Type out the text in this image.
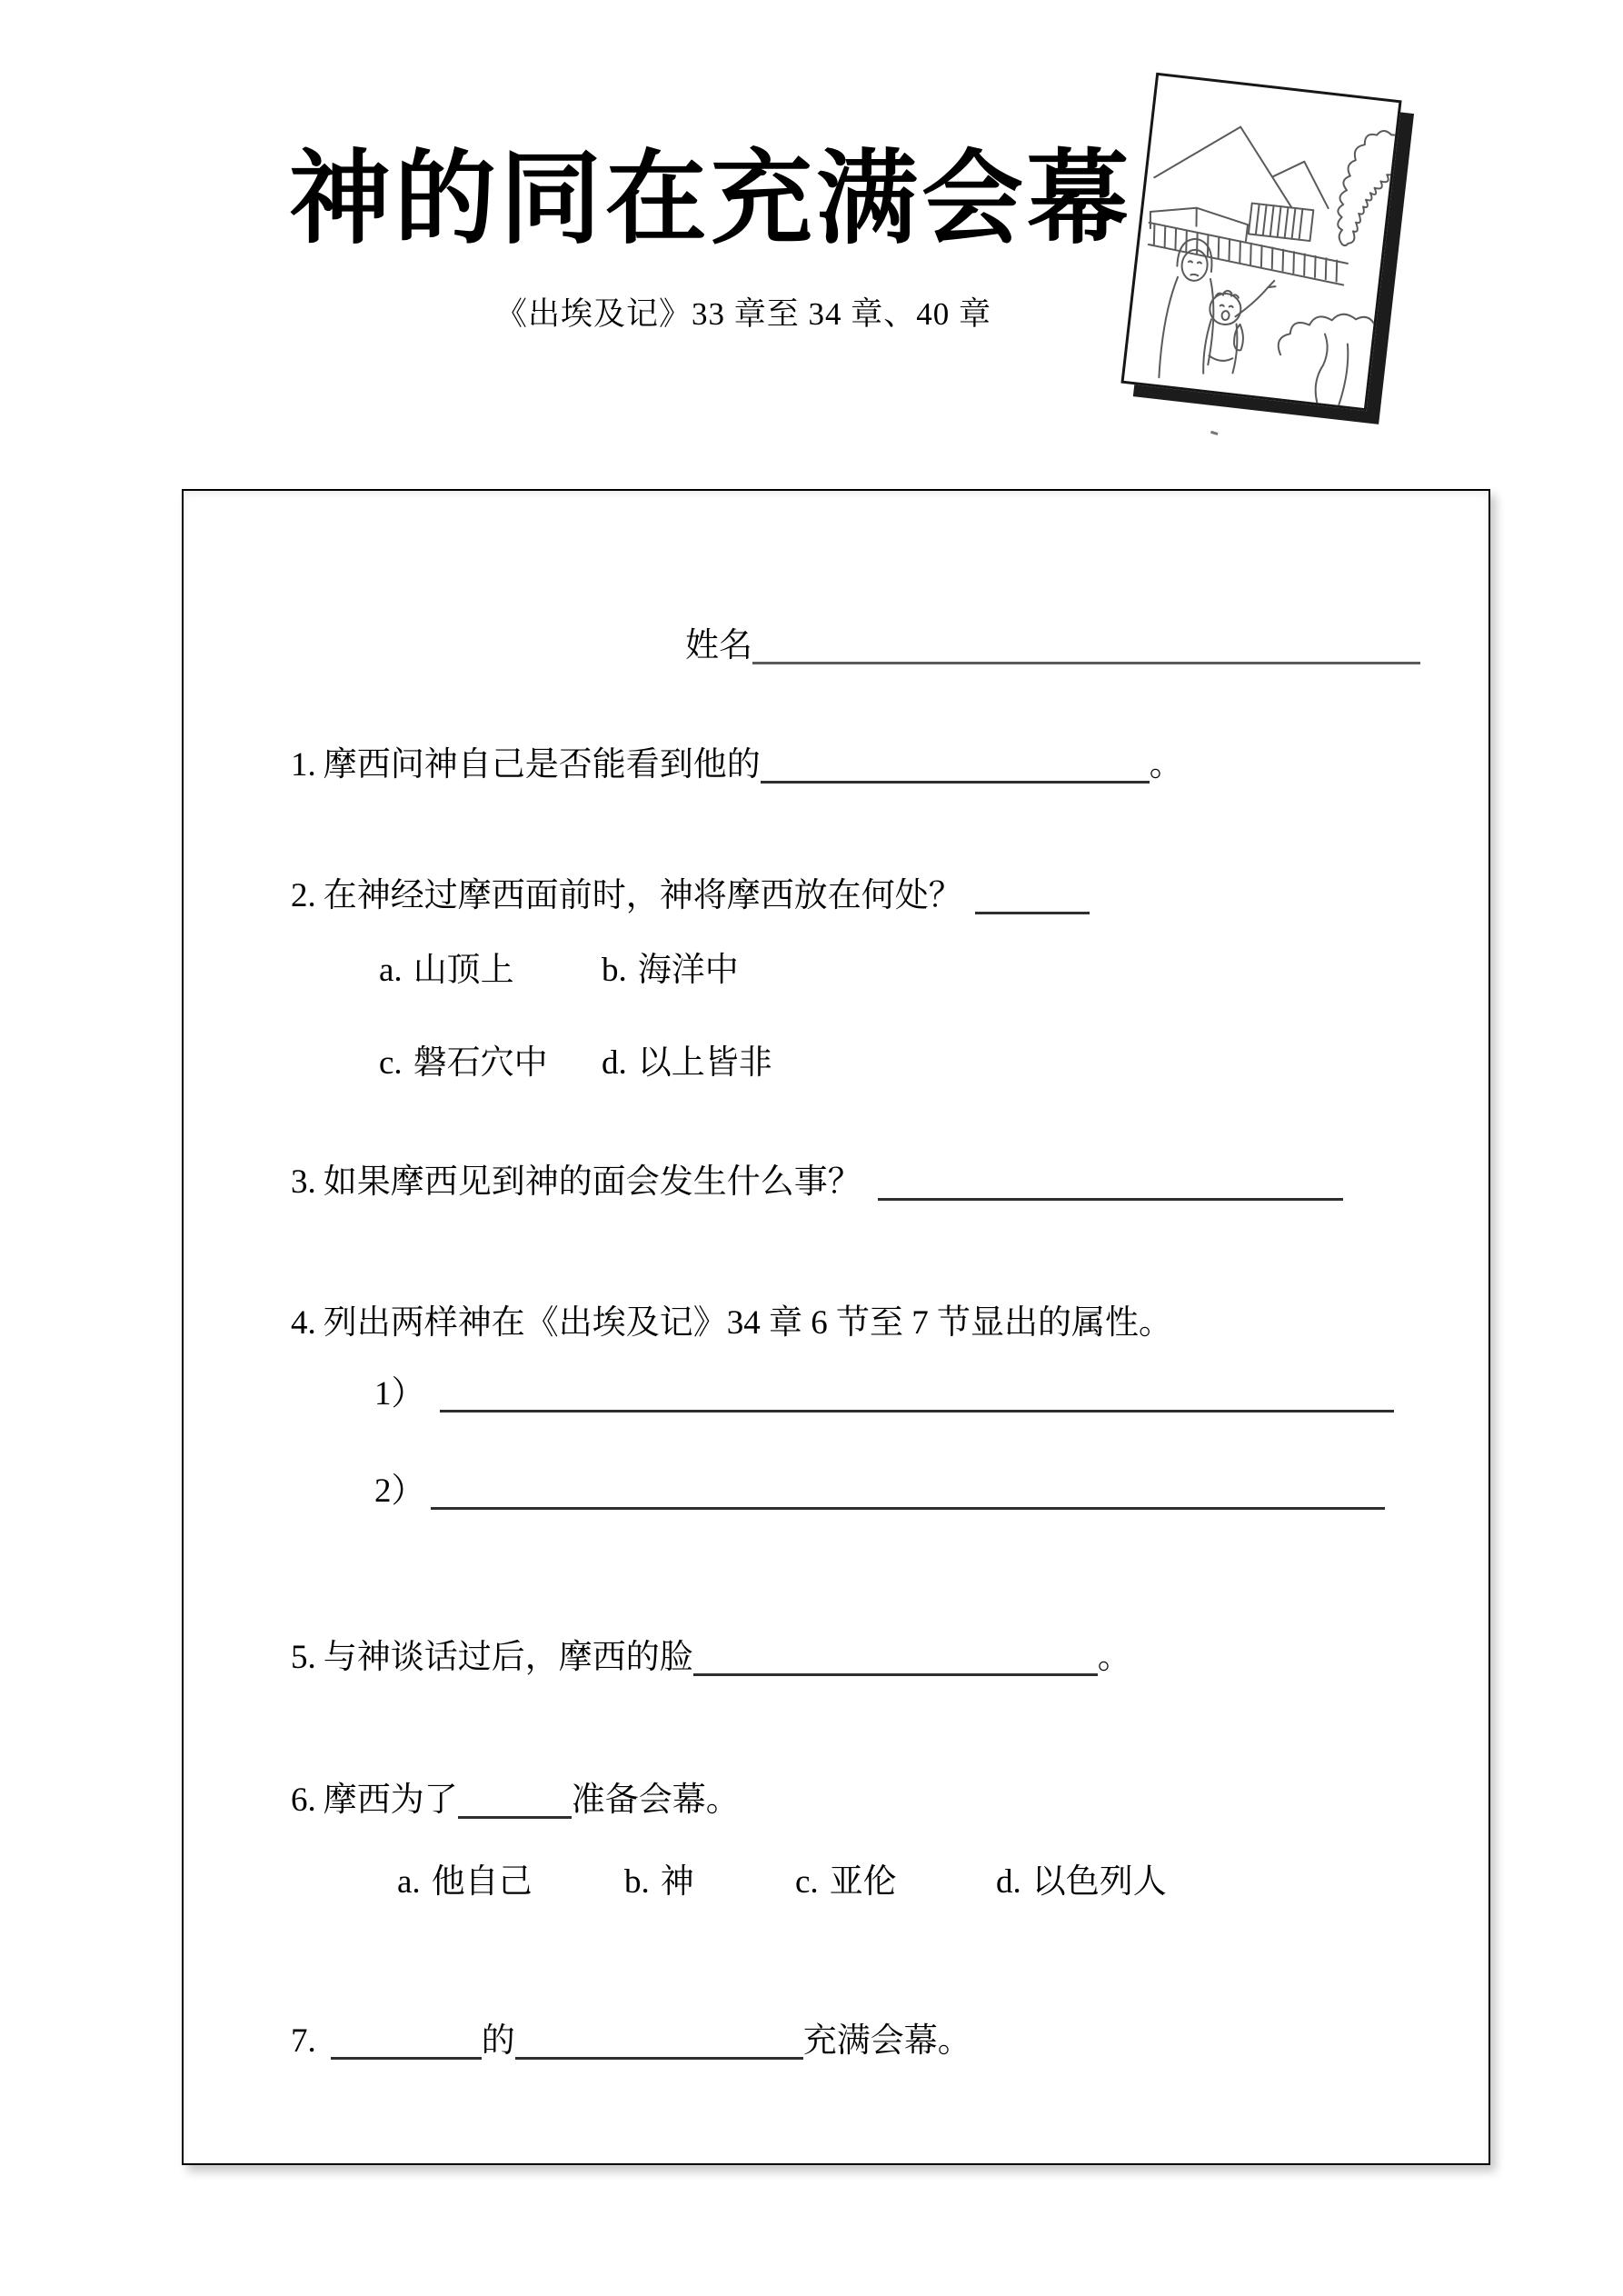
神的同在充满会幕
《出埃及记》33 章至 34 章、40 章
姓名
1. 摩西问神自己是否能看到他的	。
2. 在神经过摩西面前时，神将摩西放在何处？
a. 山顶上	b. 海洋中
c. 磐石穴中 d. 以上皆非
3. 如果摩西见到神的面会发生什么事？
4. 列出两样神在《出埃及记》34 章 6 节至 7 节显出的属性。
1）
2）
5. 与神谈话过后，摩西的脸	。
6. 摩西为了	准备会幕。
a. 他自己	b. 神	c. 亚伦	d. 以色列人
7.	的	充满会幕。
